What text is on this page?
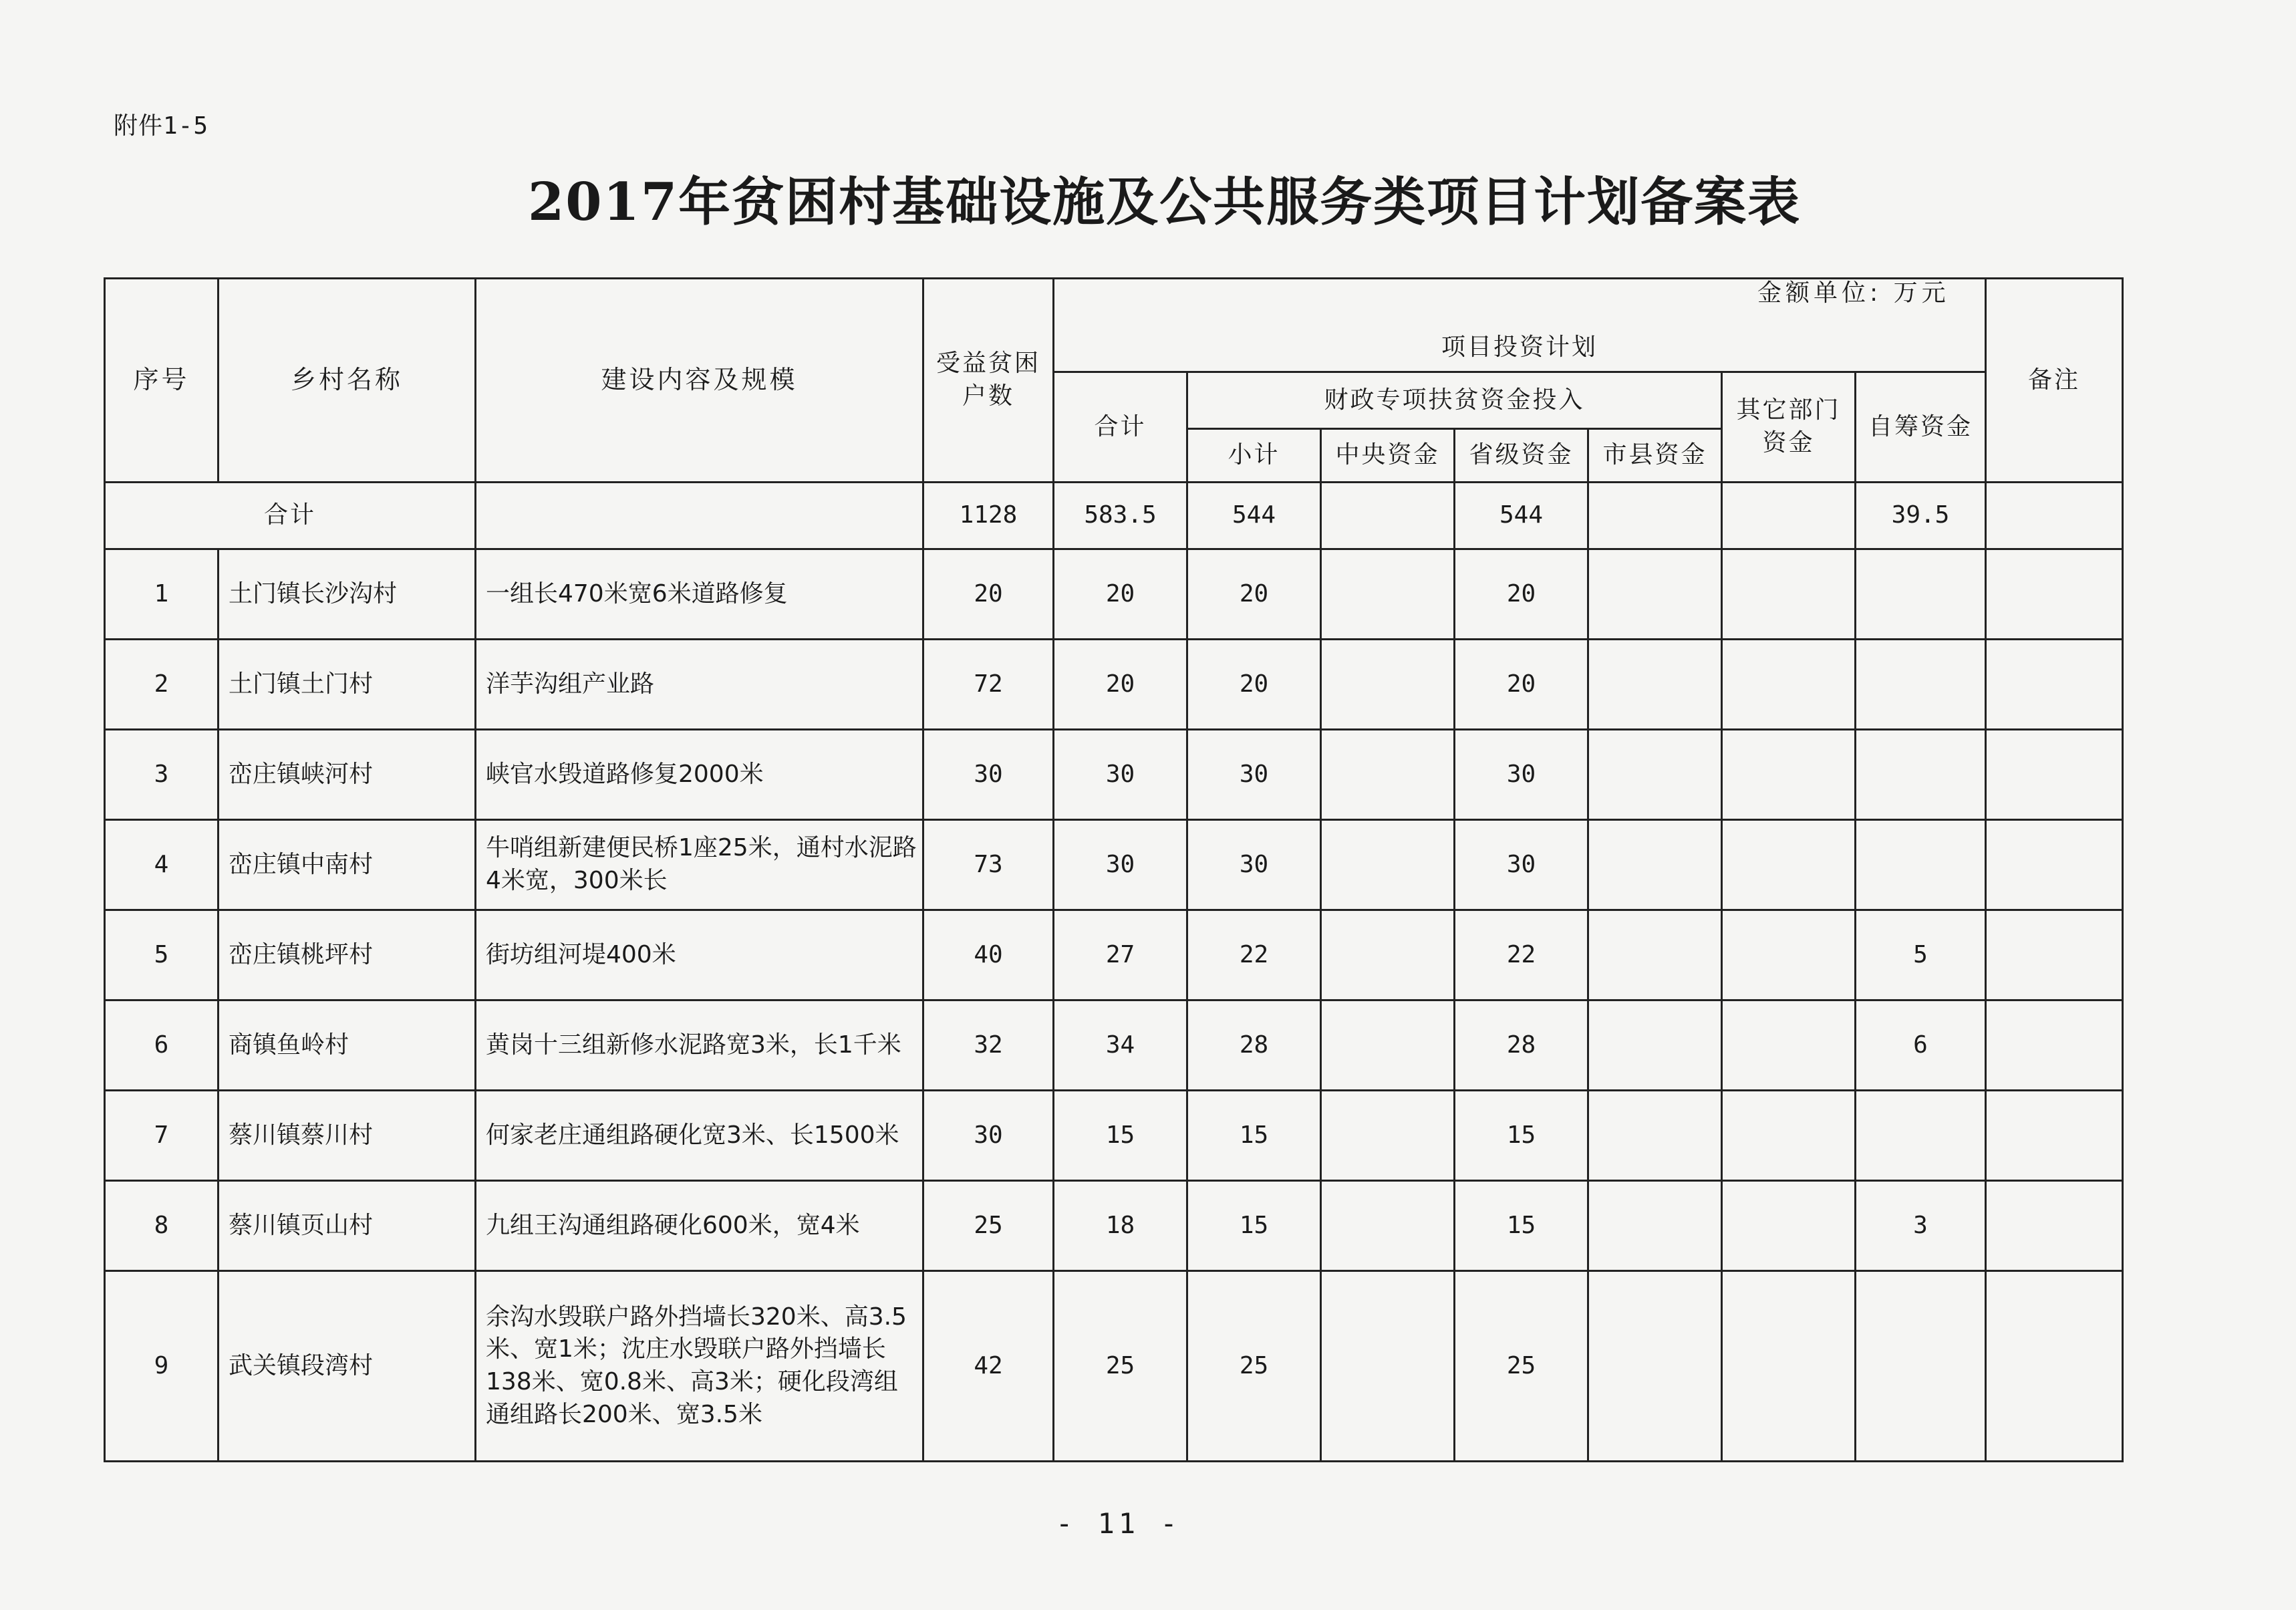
附件1-5
2017年贫困村基础设施及公共服务类项目计划备案表
金额单位: 万元
序号	乡村名称	建设内容及规模	受益贫困户数								备注
				项目投资计划							
				合计	财政专项扶贫资金投入				其它部门资金	自筹资金	
					小计	中央资金	省级资金	市县资金			
合计			1128	583.5	544		544			39.5	
1	土门镇长沙沟村	一组长470米宽6米道路修复	20	20	20		20				
2	土门镇土门村	洋芋沟组产业路	72	20	20		20				
3	峦庄镇峡河村	峡官水毁道路修复2000米	30	30	30		30				
4	峦庄镇中南村	牛哨组新建便民桥1座25米，通村水泥路4米宽，300米长	73	30	30		30				
5	峦庄镇桃坪村	街坊组河堤400米	40	27	22		22			5	
6	商镇鱼岭村	黄岗十三组新修水泥路宽3米，长1千米	32	34	28		28			6	
7	蔡川镇蔡川村	何家老庄通组路硬化宽3米、长1500米	30	15	15		15				
8	蔡川镇页山村	九组王沟通组路硬化600米，宽4米	25	18	15		15			3	
9	武关镇段湾村	余沟水毁联户路外挡墙长320米、高3.5米、宽1米；沈庄水毁联户路外挡墙长138米、宽0.8米、高3米；硬化段湾组通组路长200米、宽3.5米	42	25	25		25				
- 11 -
